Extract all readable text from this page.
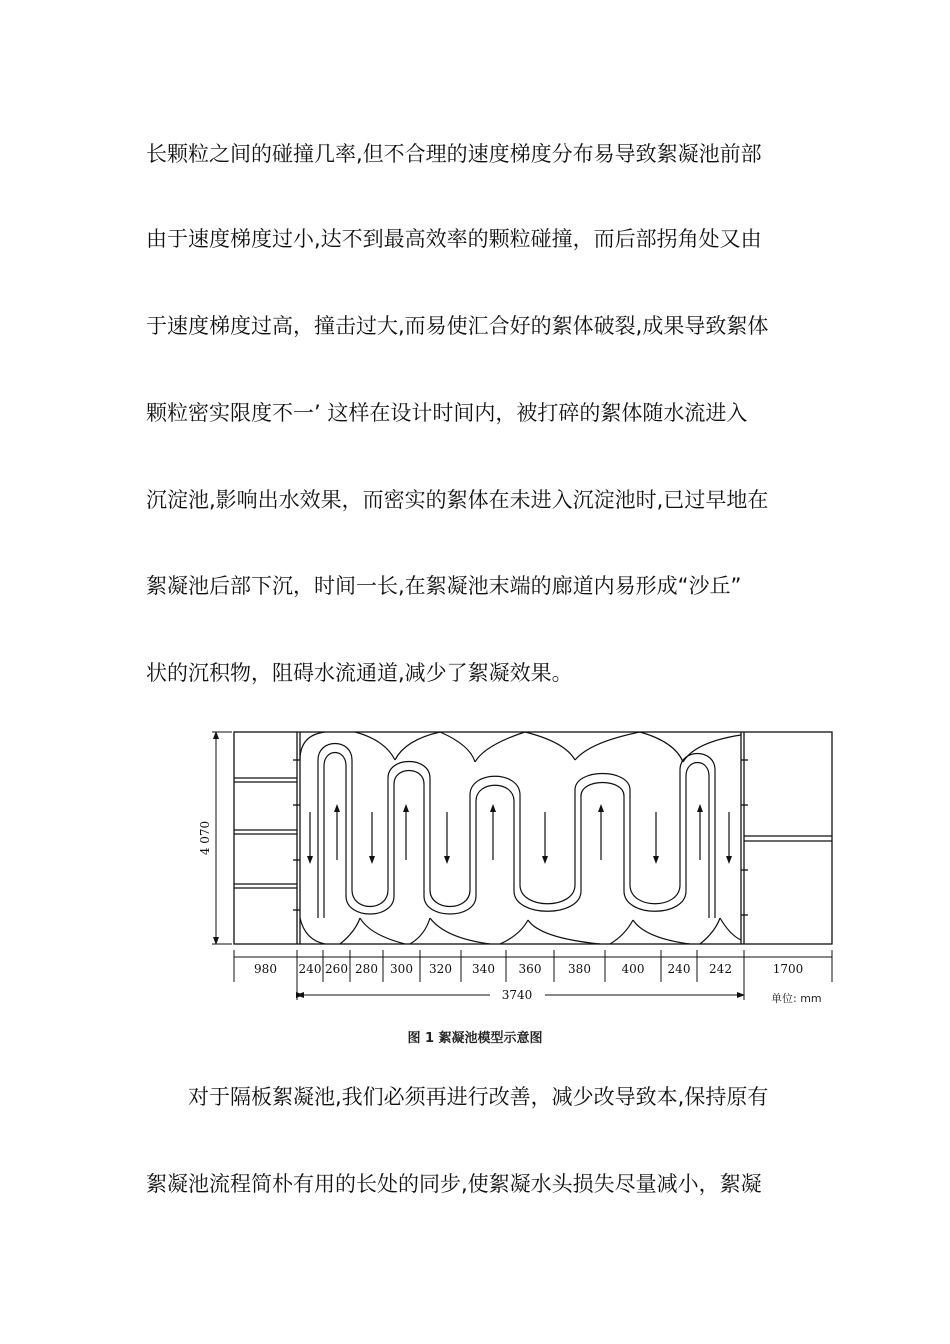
长颗粒之间的碰撞几率,但不合理的速度梯度分布易导致絮凝池前部
由于速度梯度过小,达不到最高效率的颗粒碰撞，而后部拐角处又由
于速度梯度过高，撞击过大,而易使汇合好的絮体破裂,成果导致絮体
颗粒密实限度不一’ 这样在设计时间内，被打碎的絮体随水流进入
沉淀池,影响出水效果，而密实的絮体在未进入沉淀池时,已过早地在
絮凝池后部下沉，时间一长,在絮凝池末端的廊道内易形成“沙丘”
状的沉积物，阻碍水流通道,减少了絮凝效果。
4 070
3740	单位: mm
980 240 260 280 300 320 340 360 380	400 240 242	1700
图 1 絮凝池模型示意图
对于隔板絮凝池,我们必须再进行改善，减少改导致本,保持原有
絮凝池流程简朴有用的长处的同步,使絮凝水头损失尽量减小，絮凝
